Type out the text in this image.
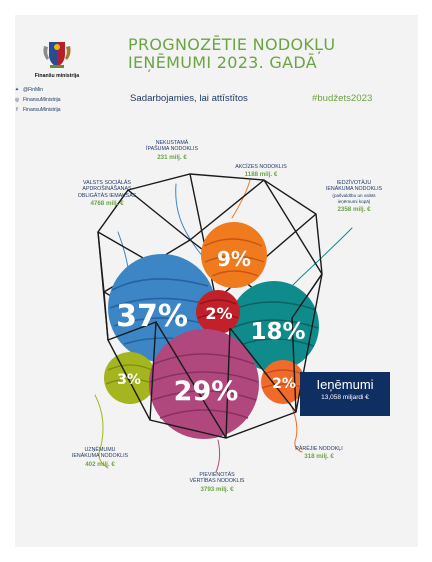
Finanšu ministrija
✦ @FinMin
◎ FinansuMinistrija
f FinansuMinistrija
PROGNOZĒTIE NODOKĻU
IEŅĒMUMI 2023. GADĀ
Sadarbojamies, lai attīstītos	#budžets2023
37%
9%
2%
18%
3% 29% 2%
VALSTS SOCIĀLĀS
APDROŠINĀŠANAS
OBLIGĀTĀS IEMAKSAS
4768 milj. €
NEKUSTAMĀ
ĪPAŠUMA NODOKLIS
231 milj. €
AKCĪZES NODOKLIS
1188 milj. €
IEDZĪVOTĀJU
IENĀKUMA NODOKLIS
(pašvaldību un valsts
ieņēmumi kopā)
2358 milj. €
UZŅĒMUMU
IENĀKUMA NODOKLIS
402 milj. €
PIEVIENOTĀS
VĒRTĪBAS NODOKLIS
3793 milj. €
PĀRĒJIE NODOKĻI
318 milj. €
Ieņēmumi
13,058 miljardi €
